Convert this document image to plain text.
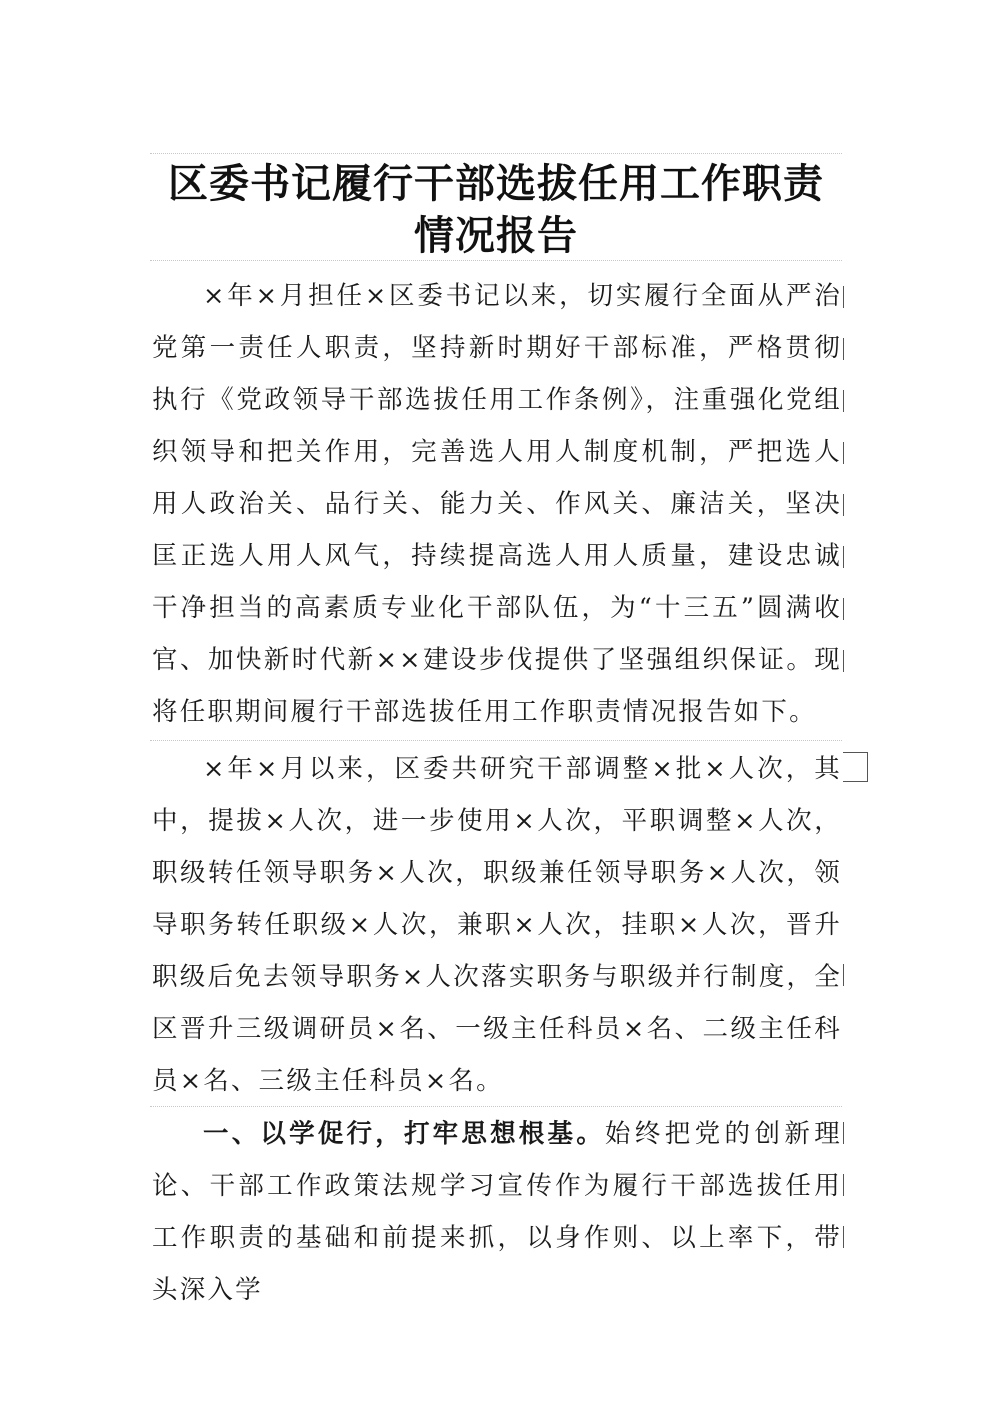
区委书记履行干部选拔任用工作职责情况报告

×年×月担任×区委书记以来，切实履行全面从严治党第一责任人职责，坚持新时期好干部标准，严格贯彻执行《党政领导干部选拔任用工作条例》，注重强化党组织领导和把关作用，完善选人用人制度机制，严把选人用人政治关、品行关、能力关、作风关、廉洁关，坚决匡正选人用人风气，持续提高选人用人质量，建设忠诚干净担当的高素质专业化干部队伍，为“十三五”圆满收官、加快新时代新××建设步伐提供了坚强组织保证。现将任职期间履行干部选拔任用工作职责情况报告如下。

×年×月以来，区委共研究干部调整×批×人次，其中，提拔×人次，进一步使用×人次，平职调整×人次，职级转任领导职务×人次，职级兼任领导职务×人次，领导职务转任职级×人次，兼职×人次，挂职×人次，晋升职级后免去领导职务×人次落实职务与职级并行制度，全区晋升三级调研员×名、一级主任科员×名、二级主任科员×名、三级主任科员×名。

一、以学促行，打牢思想根基。始终把党的创新理论、干部工作政策法规学习宣传作为履行干部选拔任用工作职责的基础和前提来抓，以身作则、以上率下，带头深入学
